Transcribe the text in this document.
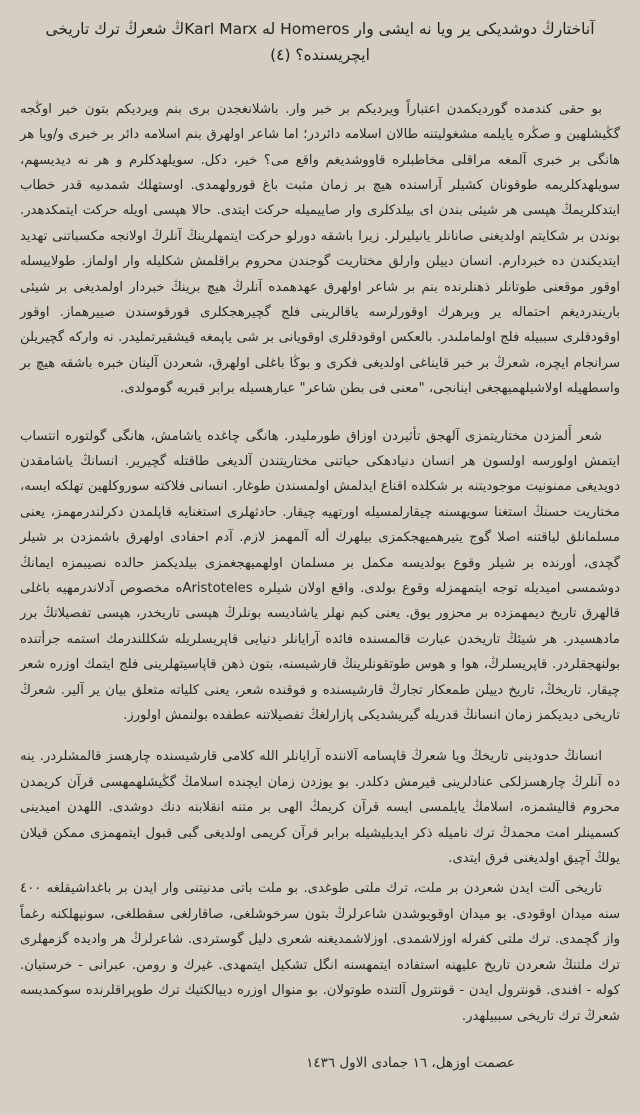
آناختارڭ دوشديكى ير ويا نه ايشى وار Homeros له Karl Marxڭ شعرڭ ترك تاريخى ايچريسنده؟ (٤)

بو حقى كندمده گورديكمدن اعتباراً ويرديكم بر خبر وار. باشلانغجدن برى بنم ويرديكم بتون خبر اوڭجه گڭيشلهين و صڭره يايلمه مشغوليتنه طالان اسلامه دائردر؛ اما شاعر اولهرق بنم اسلامه دائر بر خبرى و/ويا هر هانگى بر خبرى آلمغه مراقلى مخاطبلره قاووشديغم واقع مى؟ خير، دكل. سويلهدكلرم و هر نه ديديسهم، سويلهدكلريمه طوقونان كشيلر آراسنده هيچ بر زمان مثبت باغ قورولهمدى. اوستهلك شمدىيه قدر خطاب ايتدكلريمڭ هپسى هر شيئى بندن اى بيلدكلرى وار صاييميله حركت ايتدى. حالا هپسى اويله حركت ايتمكدهدر. بوندن بر شكايتم اولديغنى صانانلر يانيليرلر. زيرا باشقه دورلو حركت ايتمهلرينڭ آنلرڭ اولانجه مكسباتنى تهديد ايتديكندن ده خبردارم. انسان دييلن وارلق مختاريت گوجندن محروم براقلمش شكليله وار اولماز. طولاييسله اوقور موقعنى طوتانلر ذهنلرنده بنم بر شاعر اولهرق عهدهمده آنلرڭ هيچ برينڭ خبردار اولمديغى بر شيئى باريندرديغم احتماله ير ويرهرك اوقورلرسه ياقالرينى فلج گچيرهجكلرى قورقوسندن صييرهماز. اوقور اوقودقلرى سببيله فلج اولماملىدر. بالعكس اوقودقلرى اوقويانى بر شى ياپمغه قيشقيرتمليدر. نه واركه گچيريلن سرانجام ايچره، شعرڭ بر خبر قايناغى اولديغى فكرى و بوڭا باغلى اولهرق، شعردن آلينان خبره باشقه هيچ بر واسطهيله اولاشيلهميهجغى اينانجى، "معنى فى بطن شاعر" عبارهسيله برابر قبريه گومولدى.

شعر أَلمزدن مختاريتمزى آلهجق تأثيردن اوزاق طورمليدر. هانگى چاغده ياشامش، هانگى گولتوره انتساب ايتمش اولورسه اولسون هر انسان دنيادهكى حياتنى مختاريتندن آلديغى طاقتله گچيرير. انسانڭ ياشامقدن دويديغى ممنونيت موجوديتنه بر شكلده اقناع ايدلمش اولمسندن طوغار. انسانى فلاكته سوروكلهين تهلكه ايسه، مختاريت حسنڭ استغنا سويهسنه چيقارلمسيله اورتهيه چيقار. حادثهلرى استغنايه قاپلمدن دكرلندرمهمز، يعنى مسلمانلق لياقتنه اصلا گوج يتيرهميهجكمزى بيلهرك أله آلمهمز لازم. آدم احفادى اولهرق باشمزدن بر شيلر گچدى، أورنده بر شيلر وقوع بولديسه مكمل بر مسلمان اولهميهجغمزى بيلديكمز حالده نصيبمزه ايمانڭ دوشمسى اميديله توجه ايتمهمزله وقوع بولدى. واقع اولان شيلره Aristotelesه مخصوص آدلاندرمهيه باغلى قالهرق تاريخ ديمهمزده بر محزور يوق. يعنى كيم نهلر ياشاديسه بونلرڭ هپسى تاريخدر، هپسى تفصيلاتڭ برر مادهسيدر. هر شيئڭ تاريخدن عبارت قالمسنده فائده آرايانلر دنيايى قاپريسلريله شكللندرمك استمه جرأتنده بولنهجقلردر. قاپريسلرڭ، هوا و هوس طوتقونلرينڭ قارشيسنه، بتون ذهن قاپاسيتهلرينى فلج ايتمك اوزره شعر چيقار. تاريخڭ، تاريخ دييلن طمعكار تجارڭ قارشيسنده و فوقنده شعر، يعنى كلياته متعلق بيان ير آلير. شعرڭ تاريخى ديديكمز زمان انسانڭ قدريله گيريشديكى پازارلغڭ تفصيلاتنه عطفده بولنمش اولورز.

انسانڭ حدودينى تاريخڭ ويا شعرڭ قاپسامه آلاننده آرايانلر الله كلامى قارشيسنده چارهسز قالمشلردر. ينه ده آنلرڭ چارهسزلكى عنادلرينى قيرمش دكلدر. بو يوزدن زمان ايچنده اسلامڭ گڭيشلهمهسى قرآن كريمدن محروم قاليشمزه، اسلامڭ يايلمسى ايسه قرآن كريمڭ الهى بر متنه انقلابنه دنك دوشدى. اللهدن اميدينى كسمينلر امت محمدڭ ترك ناميله ذكر ايديليشيله برابر قرآن كريمى اولديغى گبى قبول ايتمهمزى ممكن قيلان يولڭ آچيق اولديغنى فرق ايتدى.

تاريخى آلت ايدن شعردن بر ملت، ترك ملتى طوغدى. بو ملت باتى مدنيتنى وار ايدن بر باغداشيقلغه ٤٠٠ سنه ميدان اوقودى. بو ميدان اوقويوشدن شاعرلرڭ بتون سرخوشلغى، صاقارلغى سقطلغى، سونپهلكنه رغماً واز گچمدى. ترك ملتى كفرله اوزلاشمدى. اوزلاشمديغنه شعرى دليل گوستردى. شاعرلرڭ هر واديده گزمهلرى ترك ملتنڭ شعردن تاريخ عليهنه استفاده ايتمهسنه انگل تشكيل ايتمهدى. غيرك و رومن. عبرانى - خرستيان. كوله - افندى. قونترول ايدن - قونترول آلتنده طوتولان. بو منوال اوزره دييالكتيك ترك طوپراقلرنده سوكمديسه شعرڭ ترك تاريخى سببيلهدر.

عصمت اوزهل، ١٦ جمادى الاول ١٤٣٦
